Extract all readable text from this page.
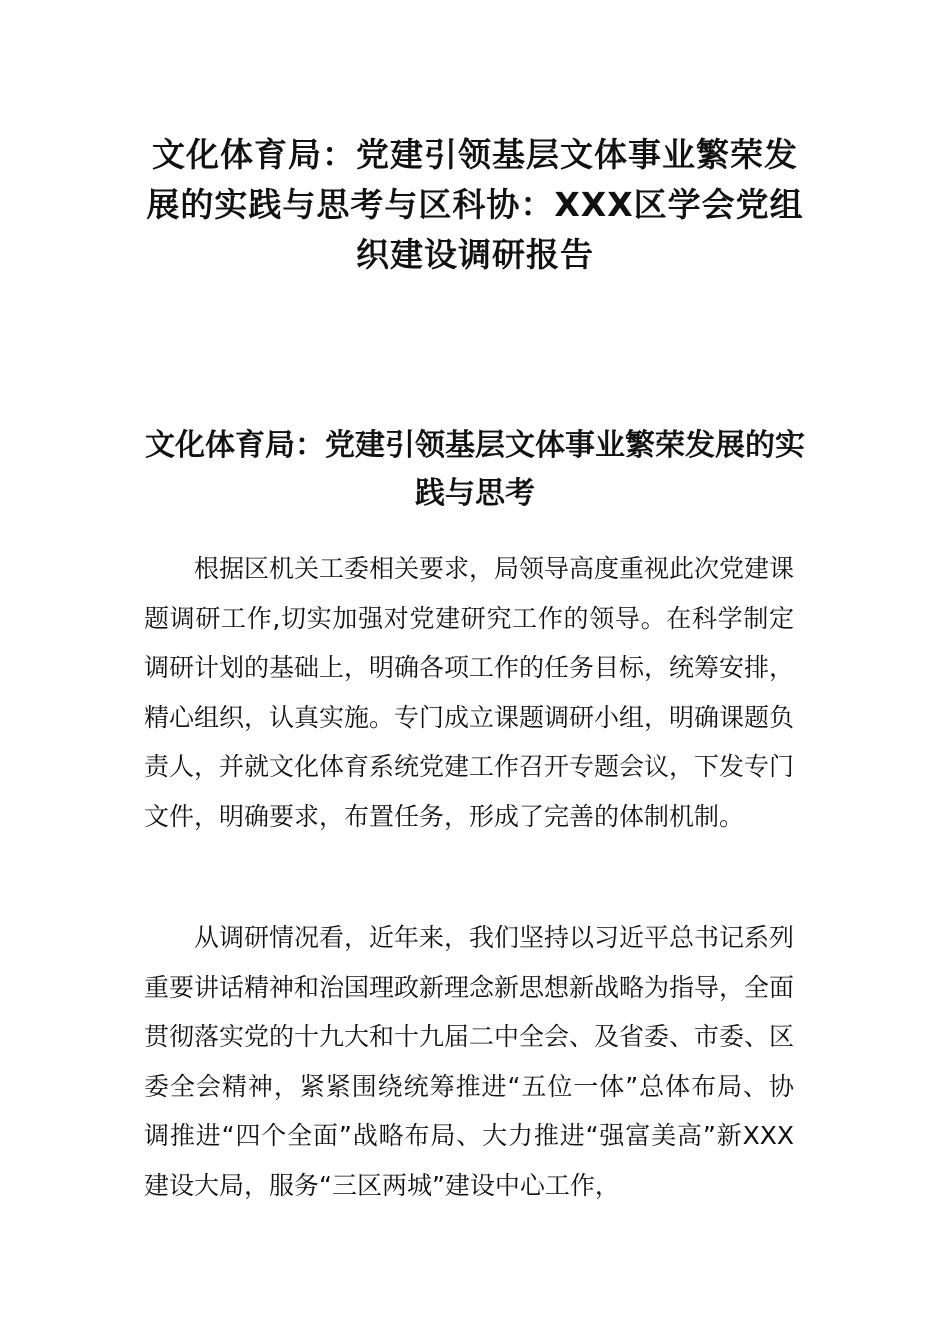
文化体育局：党建引领基层文体事业繁荣发展的实践与思考与区科协：XXX区学会党组织建设调研报告
文化体育局：党建引领基层文体事业繁荣发展的实践与思考

根据区机关工委相关要求，局领导高度重视此次党建课题调研工作,切实加强对党建研究工作的领导。在科学制定调研计划的基础上，明确各项工作的任务目标，统筹安排，精心组织，认真实施。专门成立课题调研小组，明确课题负责人，并就文化体育系统党建工作召开专题会议，下发专门文件，明确要求，布置任务，形成了完善的体制机制。

从调研情况看，近年来，我们坚持以习近平总书记系列重要讲话精神和治国理政新理念新思想新战略为指导，全面贯彻落实党的十九大和十九届二中全会、及省委、市委、区委全会精神，紧紧围绕统筹推进“五位一体”总体布局、协调推进“四个全面”战略布局、大力推进“强富美高”新XXX建设大局，服务“三区两城”建设中心工作，
